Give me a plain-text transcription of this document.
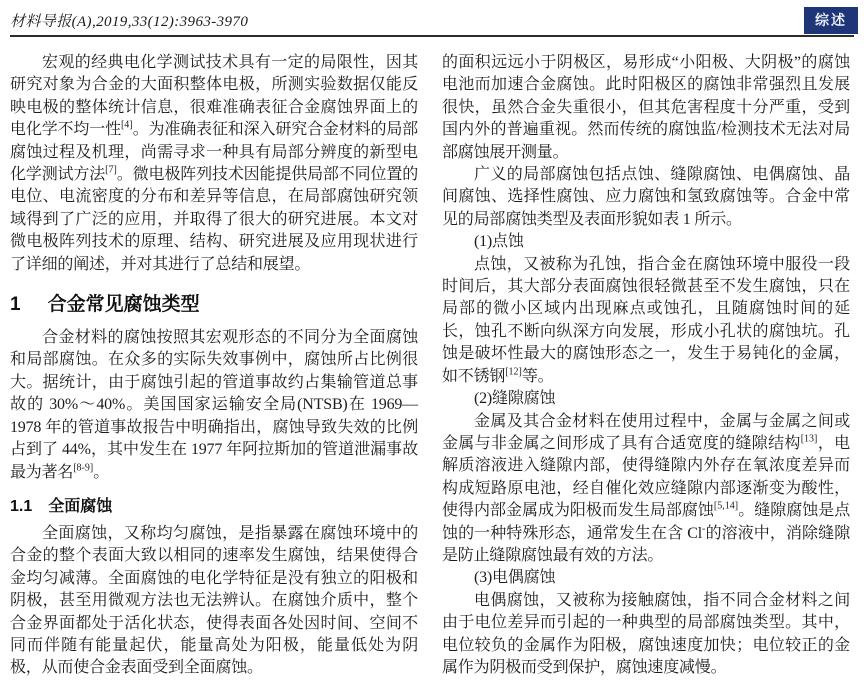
材料导报(A),2019,33(12):3963-3970	综述

宏观的经典电化学测试技术具有一定的局限性，因其研究对象为合金的大面积整体电极，所测实验数据仅能反映电极的整体统计信息，很难准确表征合金腐蚀界面上的电化学不均一性[4]。为准确表征和深入研究合金材料的局部腐蚀过程及机理，尚需寻求一种具有局部分辨度的新型电化学测试方法[7]。微电极阵列技术因能提供局部不同位置的电位、电流密度的分布和差异等信息，在局部腐蚀研究领域得到了广泛的应用，并取得了很大的研究进展。本文对微电极阵列技术的原理、结构、研究进展及应用现状进行了详细的阐述，并对其进行了总结和展望。

1 合金常见腐蚀类型

合金材料的腐蚀按照其宏观形态的不同分为全面腐蚀和局部腐蚀。在众多的实际失效事例中，腐蚀所占比例很大。据统计，由于腐蚀引起的管道事故约占集输管道总事故的 30%～40%。美国国家运输安全局(NTSB)在 1969—1978 年的管道事故报告中明确指出，腐蚀导致失效的比例占到了 44%，其中发生在 1977 年阿拉斯加的管道泄漏事故最为著名[8-9]。

1.1 全面腐蚀

全面腐蚀，又称均匀腐蚀，是指暴露在腐蚀环境中的合金的整个表面大致以相同的速率发生腐蚀，结果使得合金均匀减薄。全面腐蚀的电化学特征是没有独立的阳极和阴极，甚至用微观方法也无法辨认。在腐蚀介质中，整个合金界面都处于活化状态，使得表面各处因时间、空间不同而伴随有能量起伏，能量高处为阳极，能量低处为阴极，从而使合金表面受到全面腐蚀。

的面积远远小于阴极区，易形成“小阳极、大阴极”的腐蚀电池而加速合金腐蚀。此时阳极区的腐蚀非常强烈且发展很快，虽然合金失重很小，但其危害程度十分严重，受到国内外的普遍重视。然而传统的腐蚀监/检测技术无法对局部腐蚀展开测量。

广义的局部腐蚀包括点蚀、缝隙腐蚀、电偶腐蚀、晶间腐蚀、选择性腐蚀、应力腐蚀和氢致腐蚀等。合金中常见的局部腐蚀类型及表面形貌如表 1 所示。

(1)点蚀

点蚀，又被称为孔蚀，指合金在腐蚀环境中服役一段时间后，其大部分表面腐蚀很轻微甚至不发生腐蚀，只在局部的微小区域内出现麻点或蚀孔，且随腐蚀时间的延长，蚀孔不断向纵深方向发展，形成小孔状的腐蚀坑。孔蚀是破坏性最大的腐蚀形态之一，发生于易钝化的金属，如不锈钢[12]等。

(2)缝隙腐蚀

金属及其合金材料在使用过程中，金属与金属之间或金属与非金属之间形成了具有合适宽度的缝隙结构[13]，电解质溶液进入缝隙内部，使得缝隙内外存在氧浓度差异而构成短路原电池，经自催化效应缝隙内部逐渐变为酸性，使得内部金属成为阳极而发生局部腐蚀[5,14]。缝隙腐蚀是点蚀的一种特殊形态，通常发生在含 Cl-的溶液中，消除缝隙是防止缝隙腐蚀最有效的方法。

(3)电偶腐蚀

电偶腐蚀，又被称为接触腐蚀，指不同合金材料之间由于电位差异而引起的一种典型的局部腐蚀类型。其中，电位较负的金属作为阳极，腐蚀速度加快；电位较正的金属作为阴极而受到保护，腐蚀速度减慢。
